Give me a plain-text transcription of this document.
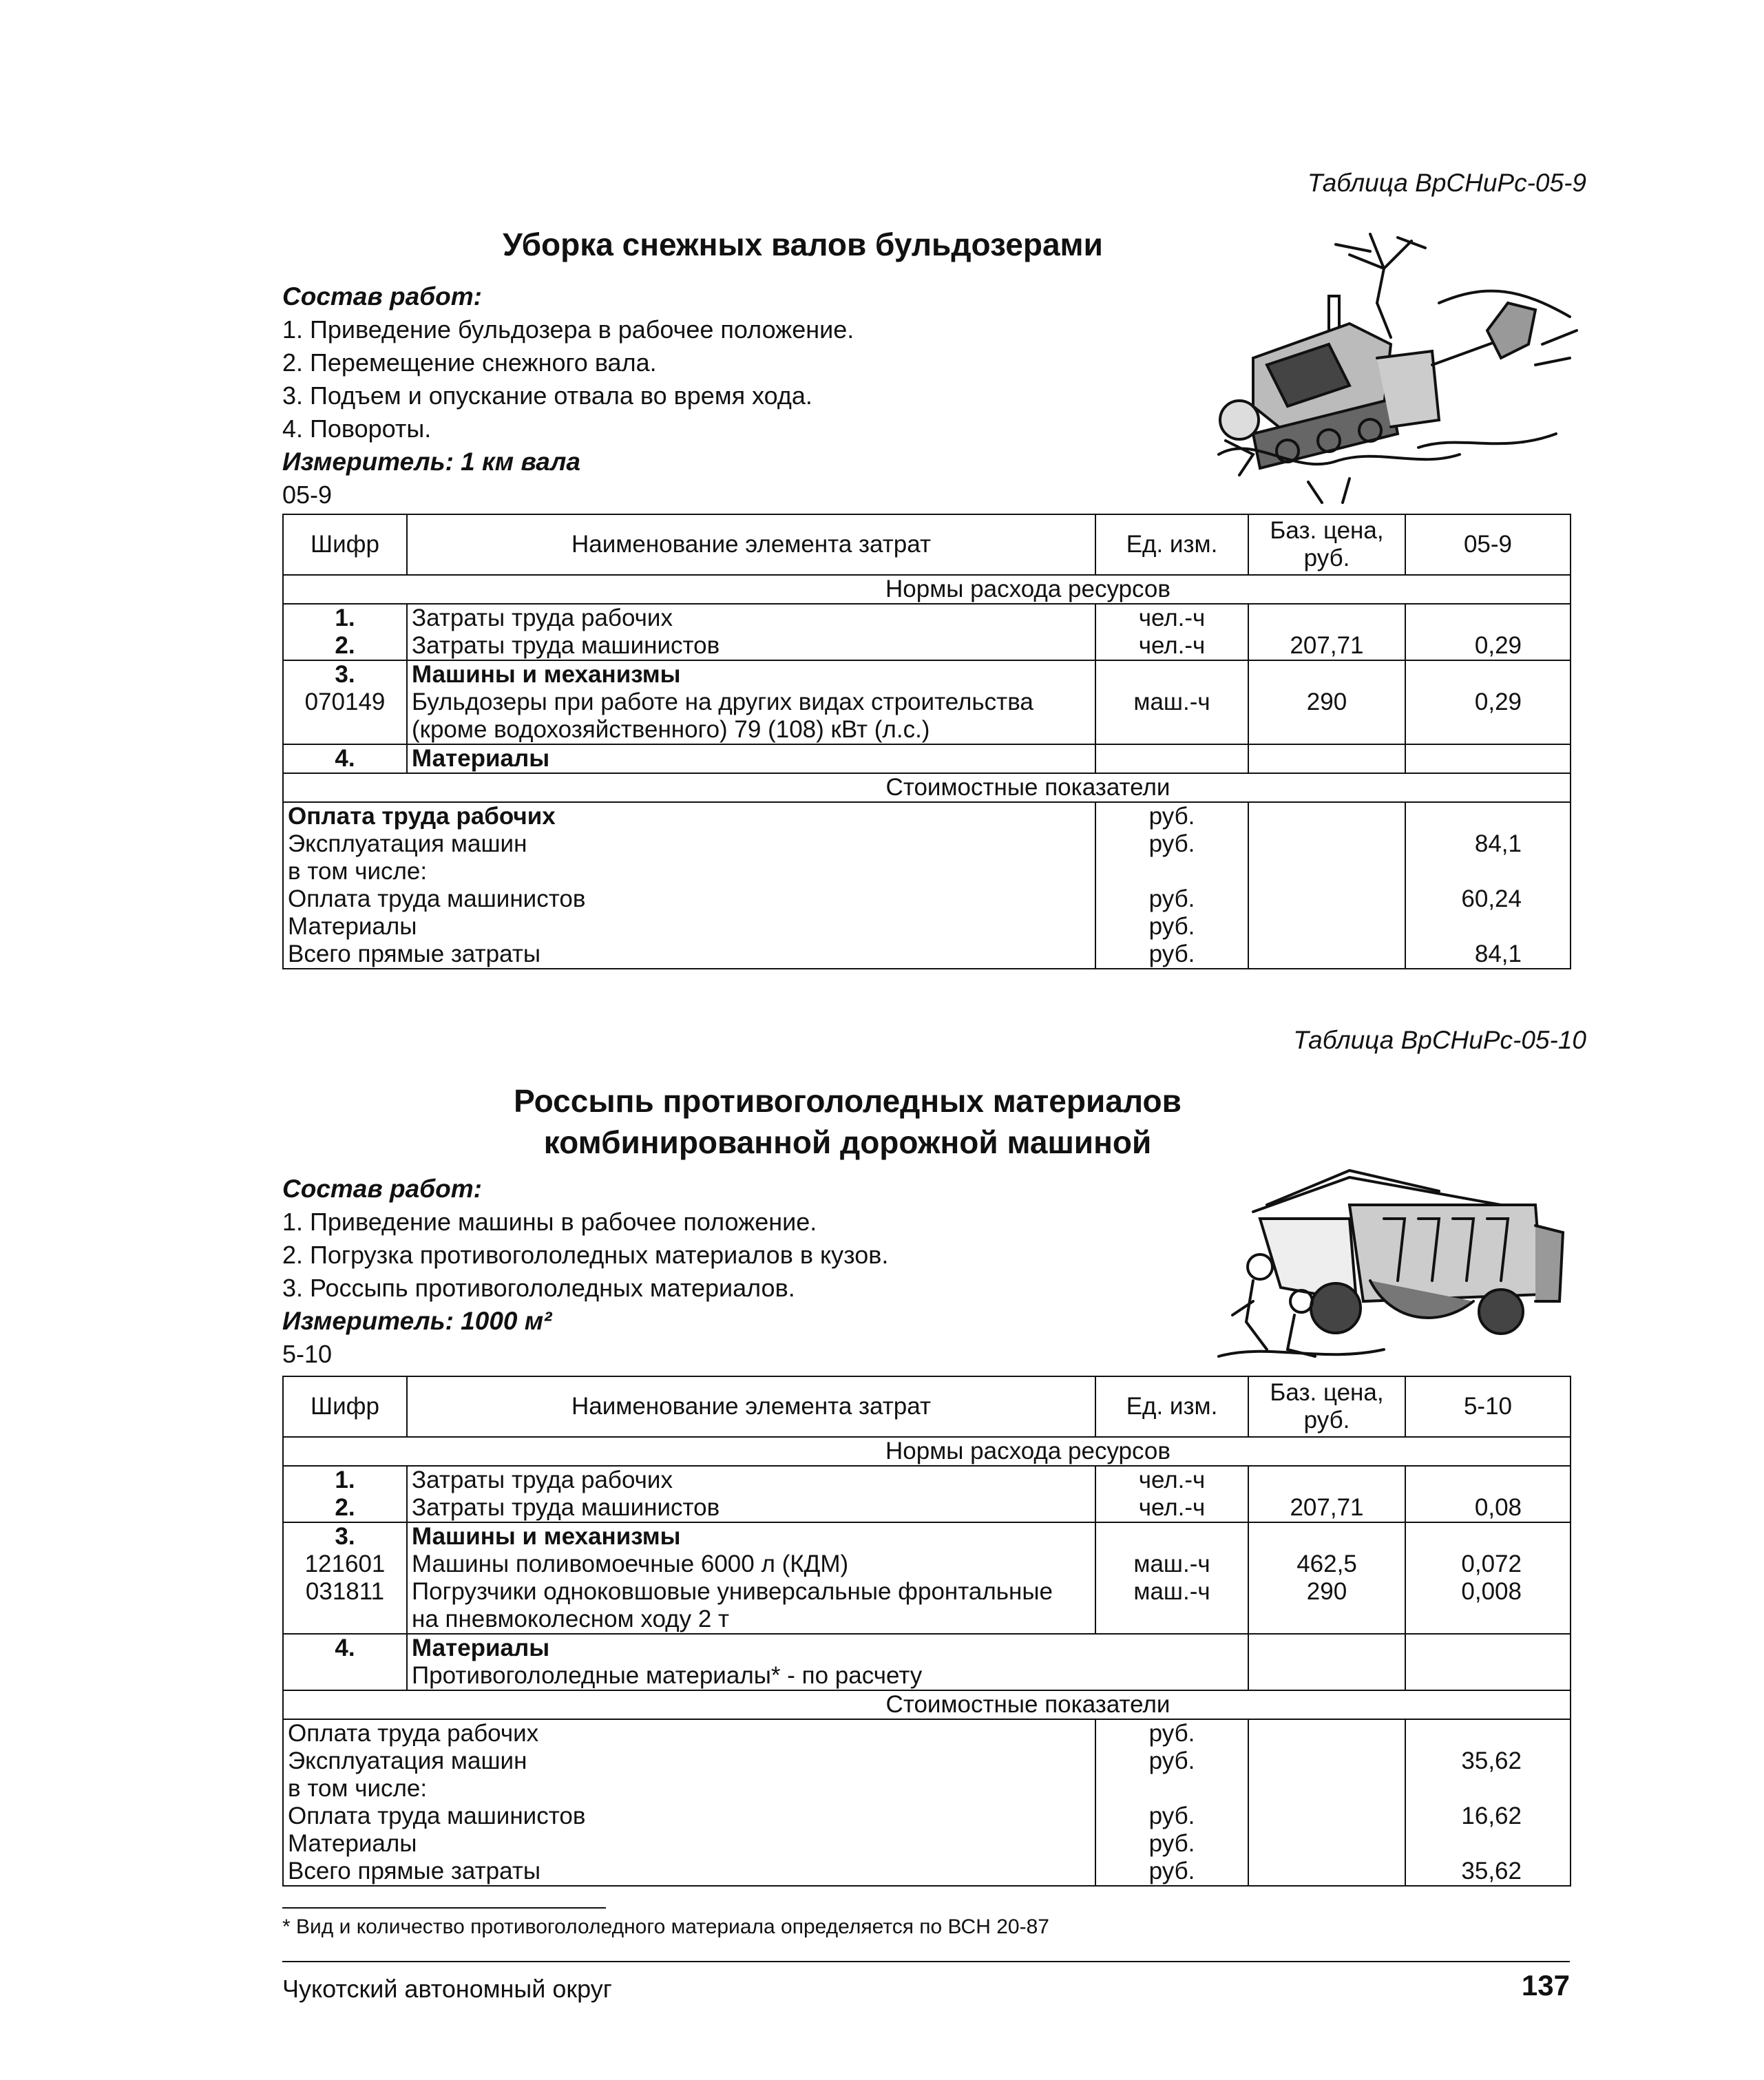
Таблица ВрСНиРс-05-9
Уборка снежных валов бульдозерами
Состав работ:
1. Приведение бульдозера в рабочее положение.
2. Перемещение снежного вала.
3. Подъем и опускание отвала во время хода.
4. Повороты.
Измеритель: 1 км вала
05-9
Шифр	Наименование элемента затрат	Ед. изм.	Баз. цена,
руб.	05-9
Нормы расхода ресурсов				
1.	Затраты труда рабочих	чел.-ч		
2.	Затраты труда машинистов	чел.-ч	207,71	0,29
3.	Машины и механизмы			
070149	Бульдозеры при работе на других видах строительства	маш.-ч	290	0,29
	(кроме водохозяйственного) 79 (108) кВт (л.с.)			
4.	Материалы			
Стоимостные показатели				
Оплата труда рабочих		руб.		
Эксплуатация машин		руб.		84,1
в том числе:				
Оплата труда машинистов		руб.		60,24
Материалы		руб.		
Всего прямые затраты		руб.		84,1
Таблица ВрСНиРс-05-10
Россыпь противогололедных материалов
комбинированной дорожной машиной
Состав работ:
1. Приведение машины в рабочее положение.
2. Погрузка противогололедных материалов в кузов.
3. Россыпь противогололедных материалов.
Измеритель: 1000 м²
5-10
Шифр	Наименование элемента затрат	Ед. изм.	Баз. цена,
руб.	5-10
Нормы расхода ресурсов				
1.	Затраты труда рабочих	чел.-ч		
2.	Затраты труда машинистов	чел.-ч	207,71	0,08
3.	Машины и механизмы			
121601	Машины поливомоечные 6000 л (КДМ)	маш.-ч	462,5	0,072
031811	Погрузчики одноковшовые универсальные фронтальные	маш.-ч	290	0,008
	на пневмоколесном ходу 2 т			
4.	Материалы			
	Противогололедные материалы* - по расчету			
Стоимостные показатели				
Оплата труда рабочих		руб.		
Эксплуатация машин		руб.		35,62
в том числе:				
Оплата труда машинистов		руб.		16,62
Материалы		руб.		
Всего прямые затраты		руб.		35,62
* Вид и количество противогололедного материала определяется по ВСН 20-87
Чукотский автономный округ	137
